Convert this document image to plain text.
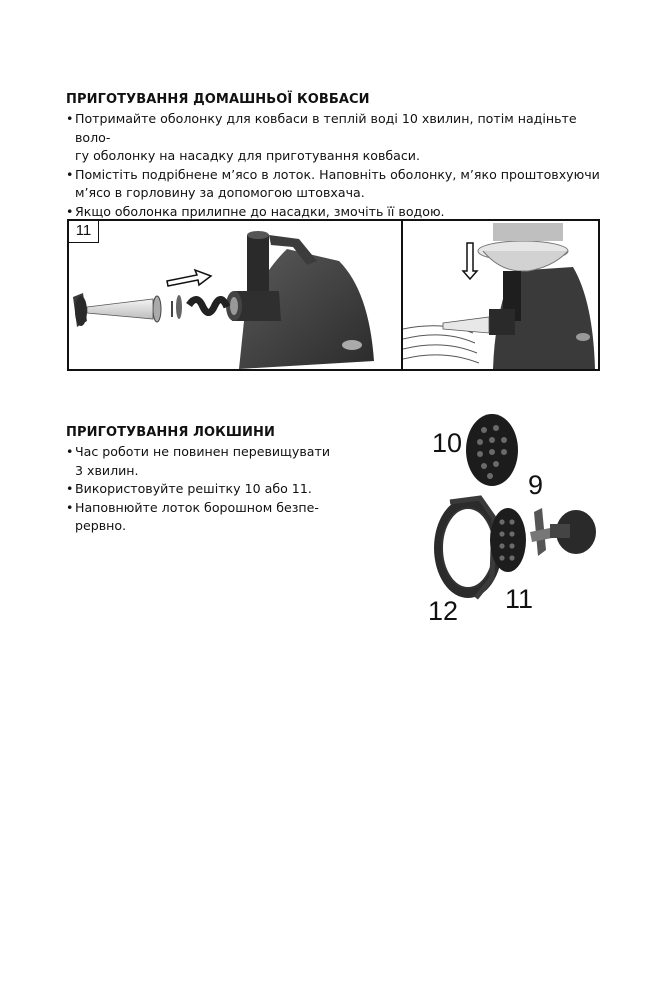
ПРИГОТУВАННЯ ДОМАШНЬОЇ КОВБАСИ
• Потримайте оболонку для ковбаси в теплій воді 10 хвилин, потім надіньте воло-
гу оболонку на насадку для приготування ковбаси.
• Помістіть подрібнене м’ясо в лоток. Наповніть оболонку, м’яко проштовхуючи
м’ясо в горловину за допомогою штовхача.
• Якщо оболонка прилипне до насадки, змочіть її водою.
11
ПРИГОТУВАННЯ ЛОКШИНИ
• Час роботи не повинен перевищувати
3 хвилин.
• Використовуйте решітку 10 або 11.
• Наповнюйте лоток борошном безпе-
рервно.
10
9
12 11
